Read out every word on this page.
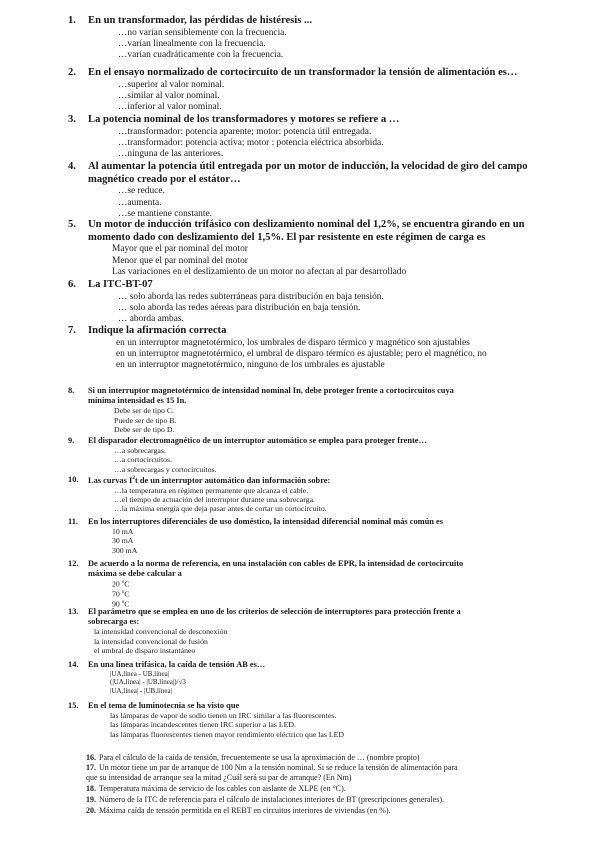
1. En un transformador, las pérdidas de histéresis ...
…no varían sensiblemente con la frecuencia.
…varían linealmente con la frecuencia.
…varían cuadráticamente con la frecuencia.
2. En el ensayo normalizado de cortocircuito de un transformador la tensión de alimentación es…
…superior al valor nominal.
…similar al valor nominal.
…inferior al valor nominal.
3. La potencia nominal de los transformadores y motores se refiere a …
…transformador: potencia aparente; motor: potencia útil entregada.
…transformador: potencia activa; motor : potencia eléctrica absorbida.
…ninguna de las anteriores.
4. Al aumentar la potencia útil entregada por un motor de inducción, la velocidad de giro del campo
magnético creado por el estátor…
…se reduce.
…aumenta.
…se mantiene constante.
5. Un motor de inducción trifásico con deslizamiento nominal del 1,2%, se encuentra girando en un
momento dado con deslizamiento del 1,5%. El par resistente en este régimen de carga es
Mayor que el par nominal del motor
Menor que el par nominal del motor
Las variaciones en el deslizamiento de un motor no afectan al par desarrollado
6. La ITC-BT-07
… solo aborda las redes subterráneas para distribución en baja tensión.
… solo aborda las redes aéreas para distribución en baja tensión.
… aborda ambas.
7. Indique la afirmación correcta
en un interruptor magnetotérmico, los umbrales de disparo térmico y magnético son ajustables
en un interruptor magnetotérmico, el umbral de disparo térmico es ajustable; pero el magnético, no
en un interruptor magnetotérmico, ninguno de los umbrales es ajustable
8. Si un interruptor magnetotérmico de intensidad nominal In, debe proteger frente a cortocircuitos cuya
mínima intensidad es 15 In.
Debe ser de tipo C.
Puede ser de tipo B.
Debe ser de tipo D.
9. El disparador electromagnético de un interruptor automático se emplea para proteger frente…
…a sobrecargas.
…a cortocircuitos.
…a sobrecargas y cortocircuitos.
10. Las curvas $I^2t$ de un interruptor automático dan información sobre:
…la temperatura en régimen permanente que alcanza el cable.
…el tiempo de actuación del interruptor durante una sobrecarga.
…la máxima energía que deja pasar antes de cortar un cortocircuito.
11. En los interruptores diferenciales de uso doméstico, la intensidad diferencial nominal más común es
10 mA
30 mA
300 mA
12. De acuerdo a la norma de referencia, en una instalación con cables de EPR, la intensidad de cortocircuito
máxima se debe calcular a
20 $^o$C
70 $^o$C
90 $^o$C
13. El parámetro que se emplea en uno de los criterios de selección de interruptores para protección frente a
sobrecarga es:
la intensidad convencional de desconexión
la intensidad convencional de fusión
el umbral de disparo instantáneo
14. En una línea trifásica, la caída de tensión AB es…
|UA,línea - UB,línea|
(|UA,línea| - |UB,línea|)/√3
|UA,línea| - |UB,línea|
15. En el tema de luminotecnia se ha visto que
las lámparas de vapor de sodio tienen un IRC similar a las fluorescentes.
las lámparas incandescentes tienen IRC superior a las LED.
las lámparas fluorescentes tienen mayor rendimiento eléctrico que las LED
16. Para el cálculo de la caída de tensión, frecuentemente se usa la aproximación de … (nombre propio)
17. Un motor tiene un par de arranque de 100 Nm a la tensión nominal. Si se reduce la tensión de alimentación para
que su intensidad de arranque sea la mitad ¿Cuál será su par de arranque? (En Nm)
18. Temperatura máxima de servicio de los cables con aislante de XLPE (en °C).
19. Número de la ITC de referencia para el cálculo de instalaciones interiores de BT (prescripciones generales).
20. Máxima caída de tensión permitida en el REBT en circuitos interiores de viviendas (en %).
